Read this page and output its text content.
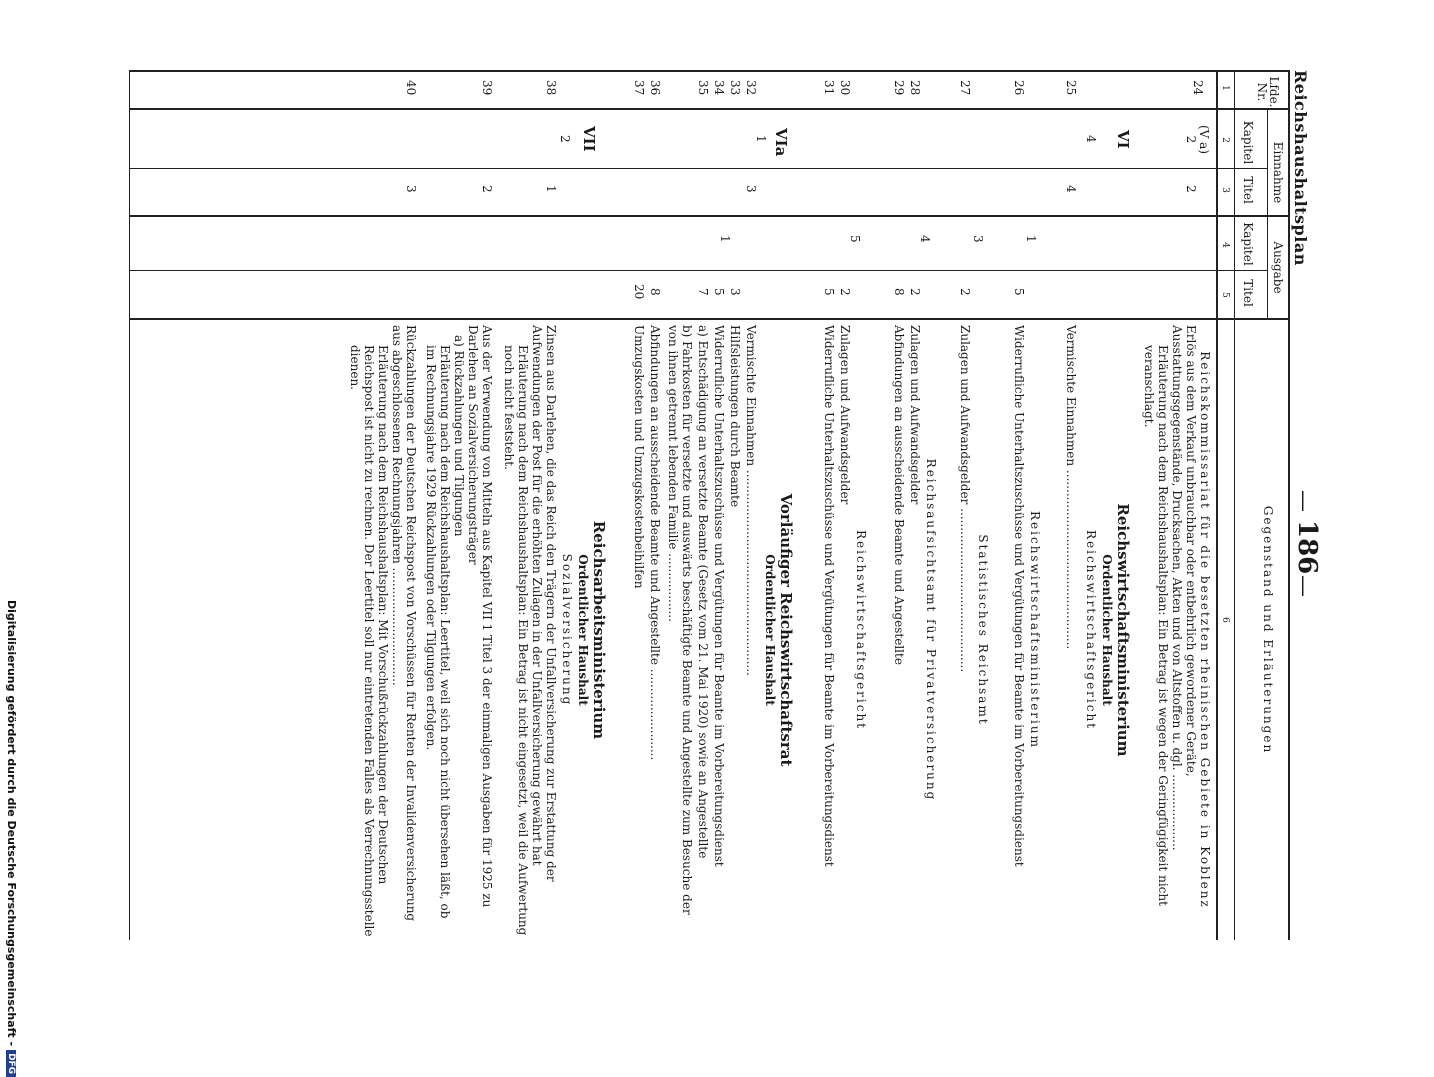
Reichshaushaltsplan
—
186
—
Lfde. Nr.
Einnahme
Kapitel
Titel
Ausgabe
Kapitel
Titel
Gegenstand und Erläuterungen
1
2
3
4
5
6
24
(V a)
2
2
Reichskommissariat für die besetzten rheinischen Gebiete in Koblenz
Erlös aus dem Verkauf unbrauchbar oder entbehrlich gewordener Geräte, Ausstattungsgegenstände, Drucksachen, Akten und von Altstoffen u. dgl. ....................
Erläuterung nach dem Reichshaushaltsplan: Ein Betrag ist wegen der Geringfügigkeit nicht veranschlagt.
VI
Reichswirtschaftsministerium
Ordentlicher Haushalt
Reichswirtschaftsgericht
25
4
4
Vermischte Einnahmen ...............................................
Reichswirtschaftsministerium
26
1
5
Widerrufliche Unterhaltszuschüsse und Vergütungen für Beamte im Vorbereitungsdienst
Statistisches Reichsamt
27
3
2
Zulagen und Aufwandsgelder ...........................................
Reichsaufsichtsamt für Privatversicherung
28
4
2
Zulagen und Aufwandsgelder
29
8
Abfindungen an ausscheidende Beamte und Angestellte
Reichswirtschaftsgericht
30
5
2
Zulagen und Aufwandsgelder
31
5
Widerrufliche Unterhaltszuschüsse und Vergütungen für Beamte im Vorbereitungsdienst
VIa
Vorläufiger Reichswirtschaftsrat
Ordentlicher Haushalt
32
1
3
Vermischte Einnahmen ......................................................
33
1
3
Hilfsleistungen durch Beamte
34
5
Widerrufliche Unterhaltszuschüsse und Vergütungen für Beamte im Vorbereitungsdienst
35
7
a) Entschädigung an versetzte Beamte (Gesetz vom 21. Mai 1920) sowie an Angestellte
b) Fahrkosten für versetzte und auswärts beschäftigte Beamte und Angestellte zum Besuche der von ihnen getrennt lebenden Familie ..................
36
8
Abfindungen an ausscheidende Beamte und Angestellte ........................
37
20
Umzugskosten und Umzugskostenbeihilfen
VII
Reichsarbeitsministerium
Ordentlicher Haushalt
Sozialversicherung
38
2
1
Zinsen aus Darlehen, die das Reich den Trägern der Unfallversicherung zur Erstattung der Aufwendungen der Post für die erhöhten Zulagen in der Unfallversicherung gewährt hat
Erläuterung nach dem Reichshaushaltsplan: Ein Betrag ist nicht eingesetzt, weil die Aufwertung noch nicht feststeht.
39
2
Aus der Verwendung von Mitteln aus Kapitel VII 1 Titel 3 der einmaligen Ausgaben für 1925 zu Darlehen an Sozialversicherungsträger
a) Rückzahlungen und Tilgungen
Erläuterung nach dem Reichshaushaltsplan: Leertitel, weil sich noch nicht übersehen läßt, ob im Rechnungsjahre 1929 Rückzahlungen oder Tilgungen erfolgen.
40
3
Rückzahlungen der Deutschen Reichspost von Vorschüssen für Renten der Invalidenversicherung aus abgeschlossenen Rechnungsjahren ...............................
Erläuterung nach dem Reichshaushaltsplan: Mit Vorschußrückzahlungen der Deutschen Reichspost ist nicht zu rechnen. Der Leertitel soll nur eintretenden Falles als Verrechnungsstelle dienen.
Digitalisierung gefördert durch die Deutsche Forschungsgemeinschaft -DFG
